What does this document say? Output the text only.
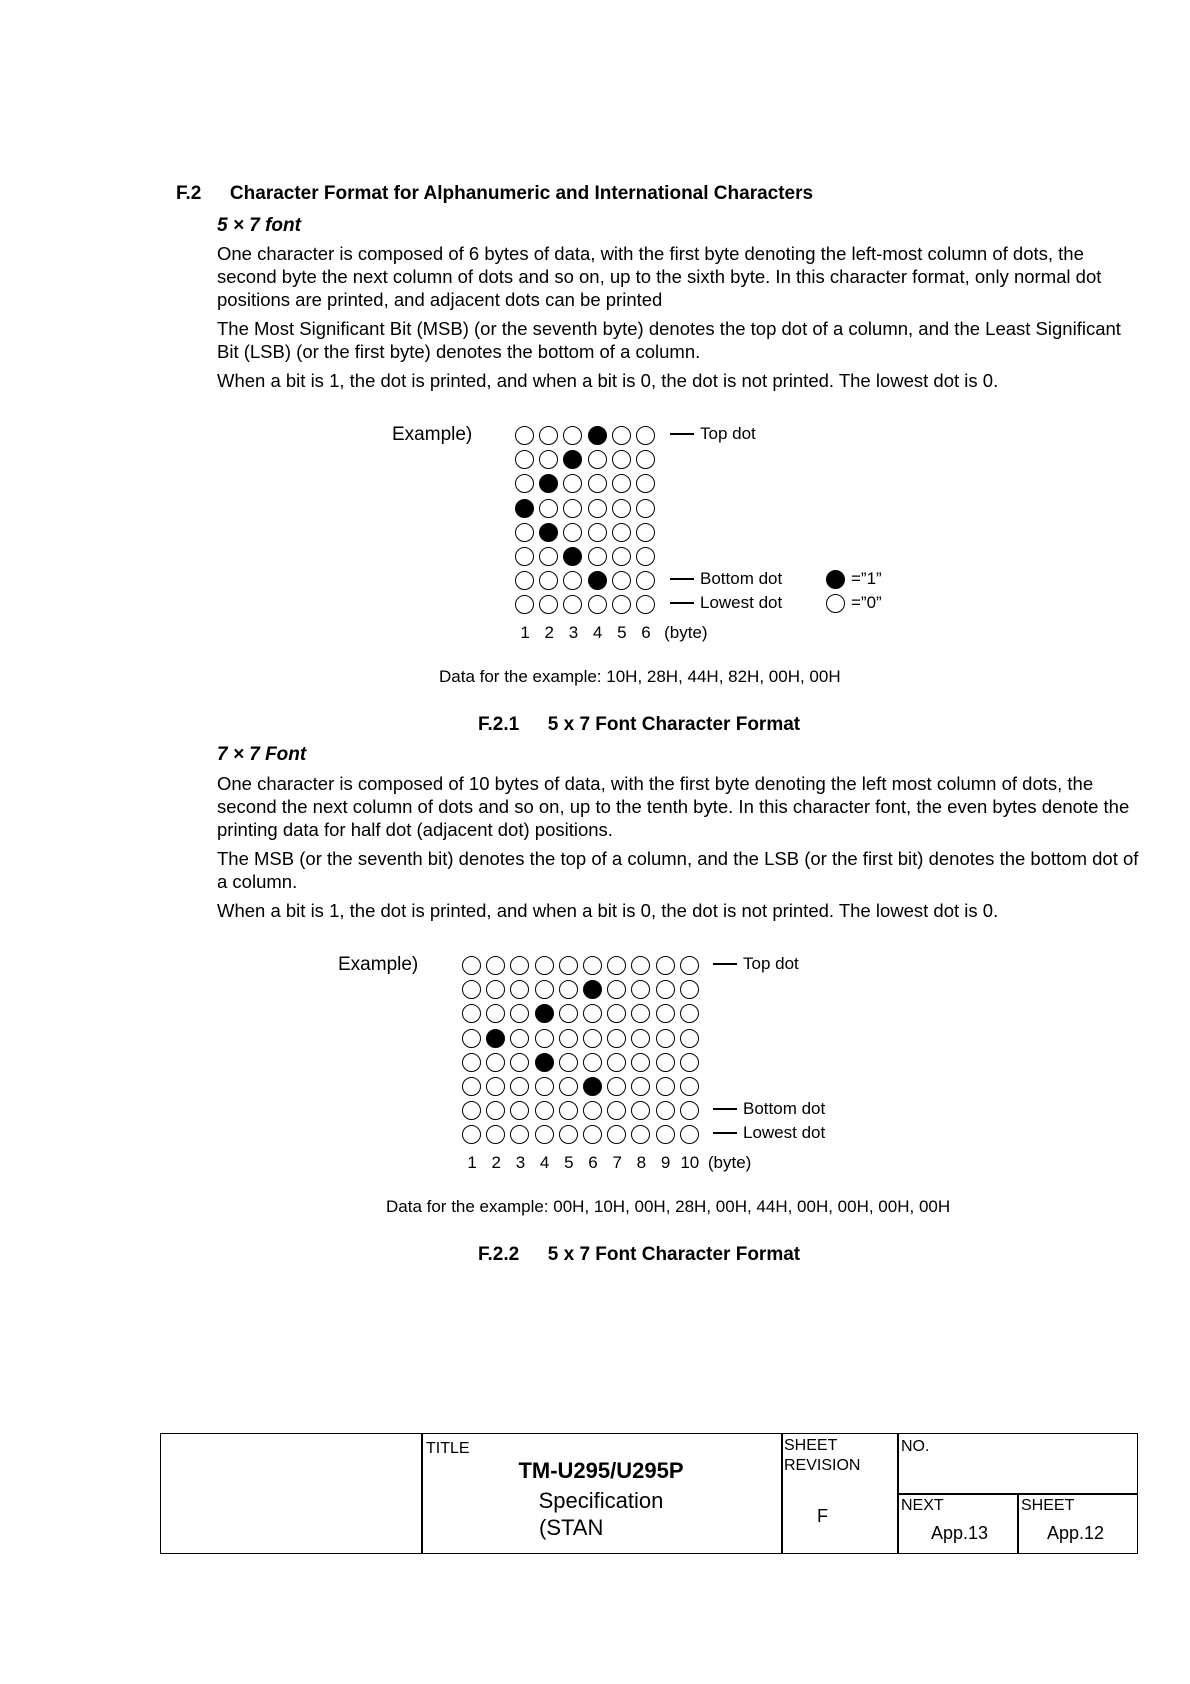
F.2 Character Format for Alphanumeric and International Characters
5 × 7 font

One character is composed of 6 bytes of data, with the first byte denoting the left-most column of dots, the second byte the next column of dots and so on, up to the sixth byte. In this character format, only normal dot positions are printed, and adjacent dots can be printed

The Most Significant Bit (MSB) (or the seventh byte) denotes the top dot of a column, and the Least Significant Bit (LSB) (or the first byte) denotes the bottom of a column.

When a bit is 1, the dot is printed, and when a bit is 0, the dot is not printed. The lowest dot is 0.

Example)
1 2 3 4 5 6 (byte)
Top dot
Bottom dot
Lowest dot
=”1”
=”0”
Data for the example: 10H, 28H, 44H, 82H, 00H, 00H
F.2.1 5 x 7 Font Character Format
7 × 7 Font

One character is composed of 10 bytes of data, with the first byte denoting the left most column of dots, the second the next column of dots and so on, up to the tenth byte. In this character font, the even bytes denote the printing data for half dot (adjacent dot) positions.

The MSB (or the seventh bit) denotes the top of a column, and the LSB (or the first bit) denotes the bottom dot of a column.

When a bit is 1, the dot is printed, and when a bit is 0, the dot is not printed. The lowest dot is 0.

Example)
1 2 3 4 5 6 7 8 9 10 (byte)
Top dot
Bottom dot
Lowest dot
Data for the example: 00H, 10H, 00H, 28H, 00H, 44H, 00H, 00H, 00H, 00H
F.2.2 5 x 7 Font Character Format
TITLE
TM-U295/U295P
Specification
(STAN
SHEET
REVISION
F
NO.
NEXT
App.13
SHEET
App.12
